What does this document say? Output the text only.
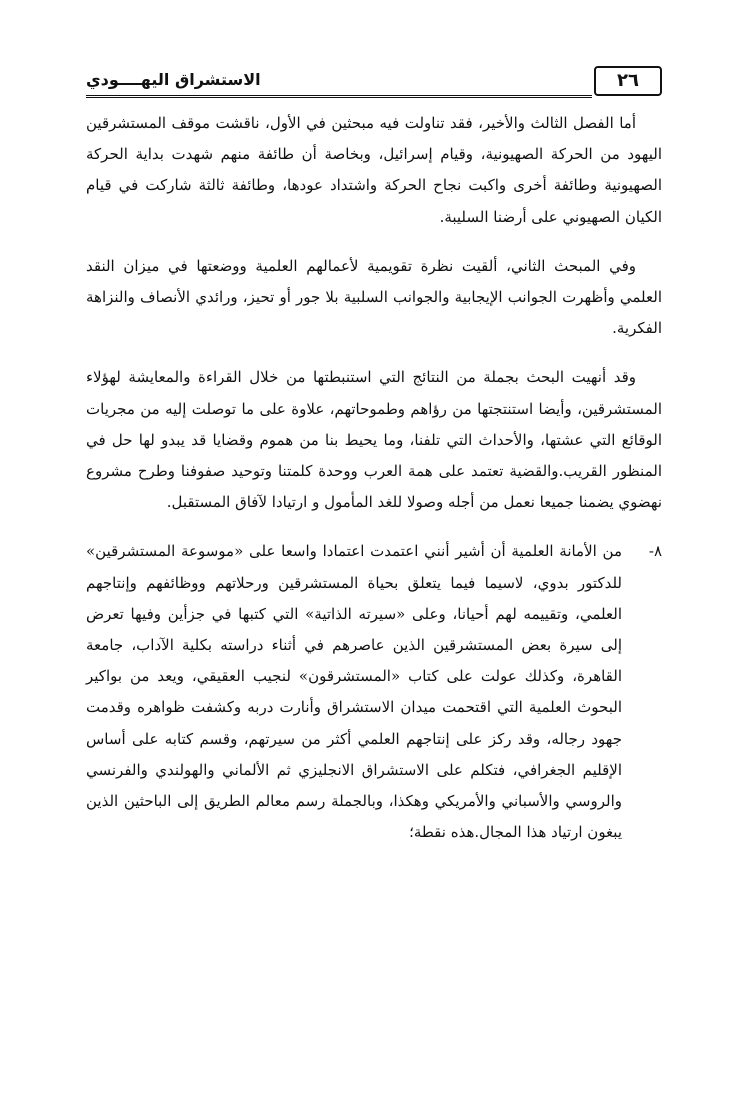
٢٦
الاستشراق اليهــــودي

أما الفصل الثالث والأخير، فقد تناولت فيه مبحثين في الأول، ناقشت موقف المستشرقين اليهود من الحركة الصهيونية، وقيام إسرائيل، وبخاصة أن طائفة منهم شهدت بداية الحركة الصهيونية وطائفة أخرى واكبت نجاح الحركة واشتداد عودها، وطائفة ثالثة شاركت في قيام الكيان الصهيوني على أرضنا السليبة.

وفي المبحث الثاني، ألقيت نظرة تقويمية لأعمالهم العلمية ووضعتها في ميزان النقد العلمي وأظهرت الجوانب الإيجابية والجوانب السلبية بلا جور أو تحيز، ورائدي الأنصاف والنزاهة الفكرية.

وقد أنهيت البحث بجملة من النتائج التي استنبطتها من خلال القراءة والمعايشة لهؤلاء المستشرقين، وأيضا استنتجتها من رؤاهم وطموحاتهم، علاوة على ما توصلت إليه من مجريات الوقائع التي عشتها، والأحداث التي تلفنا، وما يحيط بنا من هموم وقضايا قد يبدو لها حل في المنظور القريب.والقضية تعتمد على همة العرب ووحدة كلمتنا وتوحيد صفوفنا وطرح مشروع نهضوي يضمنا جميعا نعمل من أجله وصولا للغد المأمول و ارتيادا لآفاق المستقبل.

٨-
من الأمانة العلمية أن أشير أنني اعتمدت اعتمادا واسعا على «موسوعة المستشرقين» للدكتور بدوي، لاسيما فيما يتعلق بحياة المستشرقين ورحلاتهم ووظائفهم وإنتاجهم العلمي، وتقييمه لهم أحيانا، وعلى «سيرته الذاتية» التي كتبها في جزأين وفيها تعرض إلى سيرة بعض المستشرقين الذين عاصرهم في أثناء دراسته بكلية الآداب، جامعة القاهرة، وكذلك عولت على كتاب «المستشرقون» لنجيب العقيقي، ويعد من بواكير البحوث العلمية التي اقتحمت ميدان الاستشراق وأنارت دربه وكشفت ظواهره وقدمت جهود رجاله، وقد ركز على إنتاجهم العلمي أكثر من سيرتهم، وقسم كتابه على أساس الإقليم الجغرافي، فتكلم على الاستشراق الانجليزي ثم الألماني والهولندي والفرنسي والروسي والأسباني والأمريكي وهكذا، وبالجملة رسم معالم الطريق إلى الباحثين الذين يبغون ارتياد هذا المجال.هذه نقطة؛
